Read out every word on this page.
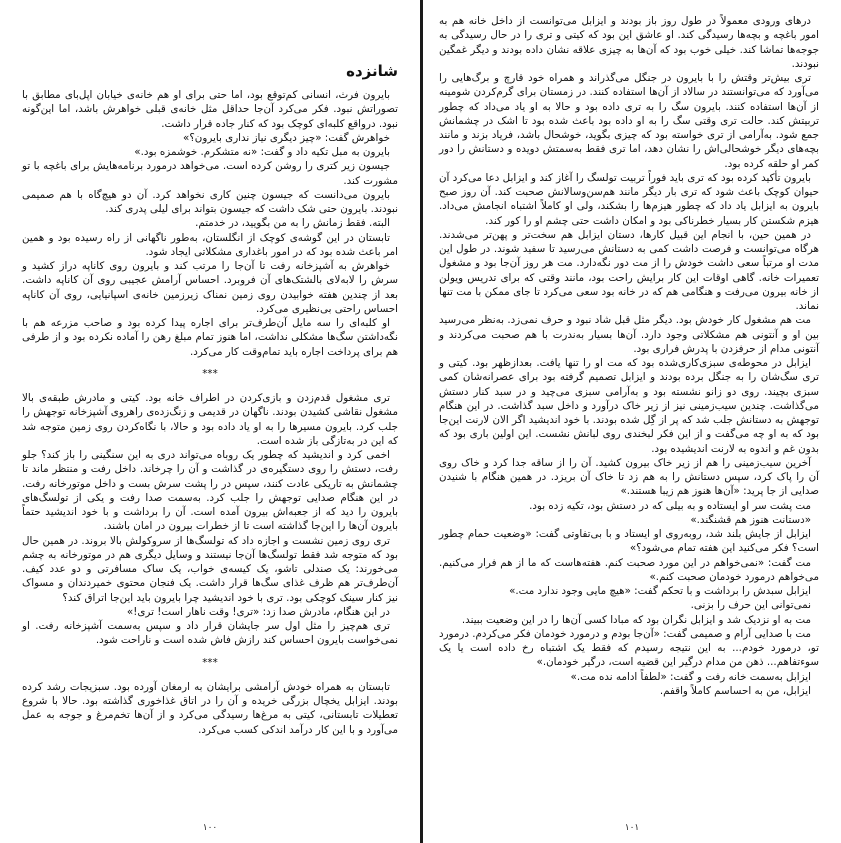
شانزده

بایرون فرث، انسانی کم‌توقع بود، اما حتی برای او هم خانه‌ی خیابان اپل‌بای مطابق با تصوراتش نبود. فکر می‌کرد آن‌جا حداقل مثل خانه‌ی قبلی خواهرش باشد، اما این‌گونه نبود. درواقع کلبه‌ای کوچک بود که کنار جاده قرار داشت.

خواهرش گفت: «چیز دیگری نیاز نداری بایرون؟»

بایرون به مبل تکیه داد و گفت: «نه متشکرم. خوشمزه بود.»

جیسون زیر کتری را روشن کرده است. می‌خواهد درمورد برنامه‌هایش برای باغچه با تو مشورت کند.

بایرون می‌دانست که جیسون چنین کاری نخواهد کرد. آن دو هیچ‌گاه با هم صمیمی نبودند. بایرون حتی شک داشت که جیسون بتواند برای لیلی پدری کند.

البته. فقط زمانش را به من بگویید، در خدمتم.

تابستان در این گوشه‌ی کوچک از انگلستان، به‌طور ناگهانی از راه رسیده بود و همین امر باعث شده بود که در امور باغداری مشکلاتی ایجاد شود.

خواهرش به آشپزخانه رفت تا آن‌جا را مرتب کند و بایرون روی کاناپه دراز کشید و سرش را لابه‌لای بالشتک‌های آن فروبرد. احساس آرامش عجیبی روی آن کاناپه داشت. بعد از چندین هفته خوابیدن روی زمین نمناک زیرزمین خانه‌ی اسپانیایی، روی آن کاناپه احساس راحتی بی‌نظیری می‌کرد.

او کلبه‌ای را سه مایل آن‌طرف‌تر برای اجاره پیدا کرده بود و صاحب مزرعه هم با نگه‌داشتن سگ‌ها مشکلی نداشت، اما هنوز تمام مبلغ رهن را آماده نکرده بود و از طرفی هم برای پرداخت اجاره باید تمام‌وقت کار می‌کرد.

***

تری مشغول قدم‌زدن و بازی‌کردن در اطراف خانه بود. کیتی و مادرش طبقه‌ی بالا مشغول نقاشی کشیدن بودند. ناگهان در قدیمی و زنگ‌زده‌ی راهروی آشپزخانه توجهش را جلب کرد. بایرون مسیرها را به او یاد داده بود و حالا، با نگاه‌کردن روی زمین متوجه شد که این در به‌تازگی باز شده است.

اخمی کرد و اندیشید که چطور یک روباه می‌تواند دری به این سنگینی را باز کند؟ جلو رفت، دستش را روی دستگیره‌ی در گذاشت و آن را چرخاند. داخل رفت و منتظر ماند تا چشمانش به تاریکی عادت کنند، سپس در را پشت سرش بست و داخل موتورخانه رفت. در این هنگام صدایی توجهش را جلب کرد. به‌سمت صدا رفت و یکی از تولسگ‌های بایرون را دید که از جعبه‌اش بیرون آمده است. آن را برداشت و با خود اندیشید حتماً بایرون آن‌ها را این‌جا گذاشته است تا از خطرات بیرون در امان باشند.

تری روی زمین نشست و اجازه داد که تولسگ‌ها از سروکولش بالا بروند. در همین حال بود که متوجه شد فقط تولسگ‌ها آن‌جا نیستند و وسایل دیگری هم در موتورخانه به چشم می‌خورند: یک صندلی تاشو، یک کیسه‌ی خواب، یک ساک مسافرتی و دو عدد کیف. آن‌طرف‌تر هم ظرف غذای سگ‌ها قرار داشت. یک فنجان محتوی خمیردندان و مسواک نیز کنار سینک کوچکی بود. تری با خود اندیشید چرا بایرون باید این‌جا اتراق کند؟

در این هنگام، مادرش صدا زد: «تری! وقت ناهار است! تری!»

تری هم‌چیز را مثل اول سر جایشان قرار داد و سپس به‌سمت آشپزخانه رفت. او نمی‌خواست بایرون احساس کند رازش فاش شده است و ناراحت شود.

***

تابستان به همراه خودش آرامشی برایشان به ارمغان آورده بود. سبزیجات رشد کرده بودند. ایزابل یخچال بزرگی خریده و آن را در اتاق غذاخوری گذاشته بود. حالا با شروع تعطیلات تابستانی، کیتی به مرغ‌ها رسیدگی می‌کرد و از آن‌ها تخم‌مرغ و جوجه به عمل می‌آورد و با این کار درآمد اندکی کسب می‌کرد.

۱۰۰

درهای ورودی معمولاً در طول روز باز بودند و ایزابل می‌توانست از داخل خانه هم به امور باغچه و بچه‌ها رسیدگی کند. او عاشق این بود که کیتی و تری را در حال رسیدگی به جوجه‌ها تماشا کند. خیلی خوب بود که آن‌ها به چیزی علاقه نشان داده بودند و دیگر غمگین نبودند.

تری بیش‌تر وقتش را با بایرون در جنگل می‌گذراند و همراه خود قارچ و برگ‌هایی را می‌آورد که می‌توانستند در سالاد از آن‌ها استفاده کنند. در زمستان برای گرم‌کردن شومینه از آن‌ها استفاده کنند. بایرون سگ را به تری داده بود و حالا به او یاد می‌داد که چطور تربیتش کند. حالت تری وقتی سگ را به او داده بود باعث شده بود تا اشک در چشمانش جمع شود. به‌آرامی از تری خواسته بود که چیزی بگوید، خوشحال باشد، فریاد بزند و مانند بچه‌های دیگر خوشحالی‌اش را نشان دهد، اما تری فقط به‌سمتش دویده و دستانش را دور کمر او حلقه کرده بود.

بایرون تأکید کرده بود که تری باید فوراً تربیت تولسگ را آغاز کند و ایزابل دعا می‌کرد آن حیوان کوچک باعث شود که تری بار دیگر مانند هم‌سن‌وسالانش صحبت کند. آن روز صبح بایرون به ایزابل یاد داد که چطور هیزم‌ها را بشکند، ولی او کاملاً اشتباه انجامش می‌داد. هیزم شکستن کار بسیار خطرناکی بود و امکان داشت حتی چشم او را کور کند.

در همین حین، با انجام این قبیل کارها، دستان ایزابل هم سخت‌تر و پهن‌تر می‌شدند. هرگاه می‌توانست و فرصت داشت کمی به دستانش می‌رسید تا سفید شوند. در طول این مدت او مرتباً سعی داشت خودش را از مت دور نگه‌دارد. مت هر روز آن‌جا بود و مشغول تعمیرات خانه. گاهی اوقات این کار برایش راحت بود، مانند وقتی که برای تدریس ویولن از خانه بیرون می‌رفت و هنگامی هم که در خانه بود سعی می‌کرد تا جای ممکن با مت تنها نماند.

مت هم مشغول کار خودش بود. دیگر مثل قبل شاد نبود و حرف نمی‌زد. به‌نظر می‌رسید بین او و آنتونی هم مشکلاتی وجود دارد. آن‌ها بسیار به‌ندرت با هم صحبت می‌کردند و آنتونی مدام از حرفزدن با پدرش فراری بود.

ایزابل در محوطه‌ی سبزی‌کاری‌شده بود که مت او را تنها یافت. بعدازظهر بود. کیتی و تری سگ‌شان را به جنگل برده بودند و ایزابل تصمیم گرفته بود برای عصرانه‌شان کمی سبزی بچیند. روی دو زانو نشسته بود و به‌آرامی سبزی می‌چید و در سبد کنار دستش می‌گذاشت. چندین سیب‌زمینی نیز از زیر خاک درآورد و داخل سبد گذاشت. در این هنگام توجهش به دستانش جلب شد که پر از گِل شده بودند. با خود اندیشید اگر الان لارنت این‌جا بود که به او چه می‌گفت و از این فکر لبخندی روی لبانش نشست. این اولین باری بود که بدون غم و اندوه به لارنت اندیشیده بود.

آخرین سیب‌زمینی را هم از زیر خاک بیرون کشید. آن را از ساقه جدا کرد و خاک روی آن را پاک کرد، سپس دستانش را به هم زد تا خاک آن بریزد. در همین هنگام با شنیدن صدایی از جا پرید: «آن‌ها هنوز هم زیبا هستند.»

مت پشت سر او ایستاده و به بیلی که در دستش بود، تکیه زده بود.

«دستانت هنوز هم قشنگند.»

ایزابل از جایش بلند شد، رو‌به‌روی او ایستاد و با بی‌تفاوتی گفت: «وضعیت حمام چطور است؟ فکر می‌کنید این هفته تمام می‌شود؟»

مت گفت: «نمی‌خواهم در این مورد صحبت کنم. هفته‌هاست که ما از هم فرار می‌کنیم. می‌خواهم درمورد خودمان صحبت کنم.»

ایزابل سبدش را برداشت و با تحکم گفت: «هیچ مایی وجود ندارد مت.»

نمی‌توانی این حرف را بزنی.

مت به او نزدیک شد و ایزابل نگران بود که مبادا کسی آن‌ها را در این وضعیت ببیند.

مت با صدایی آرام و صمیمی گفت: «آن‌جا بودم و درمورد خودمان فکر می‌کردم. درمورد تو، درمورد خودم... به این نتیجه رسیدم که فقط یک اشتباه رخ داده است یا یک سوءتفاهم... ذهن من مدام درگیر این قضیه است، درگیر خودمان.»

ایزابل به‌سمت خانه رفت و گفت: «لطفاً ادامه نده مت.»

ایزابل، من به احساسم کاملاً واقفم.

۱۰۱
